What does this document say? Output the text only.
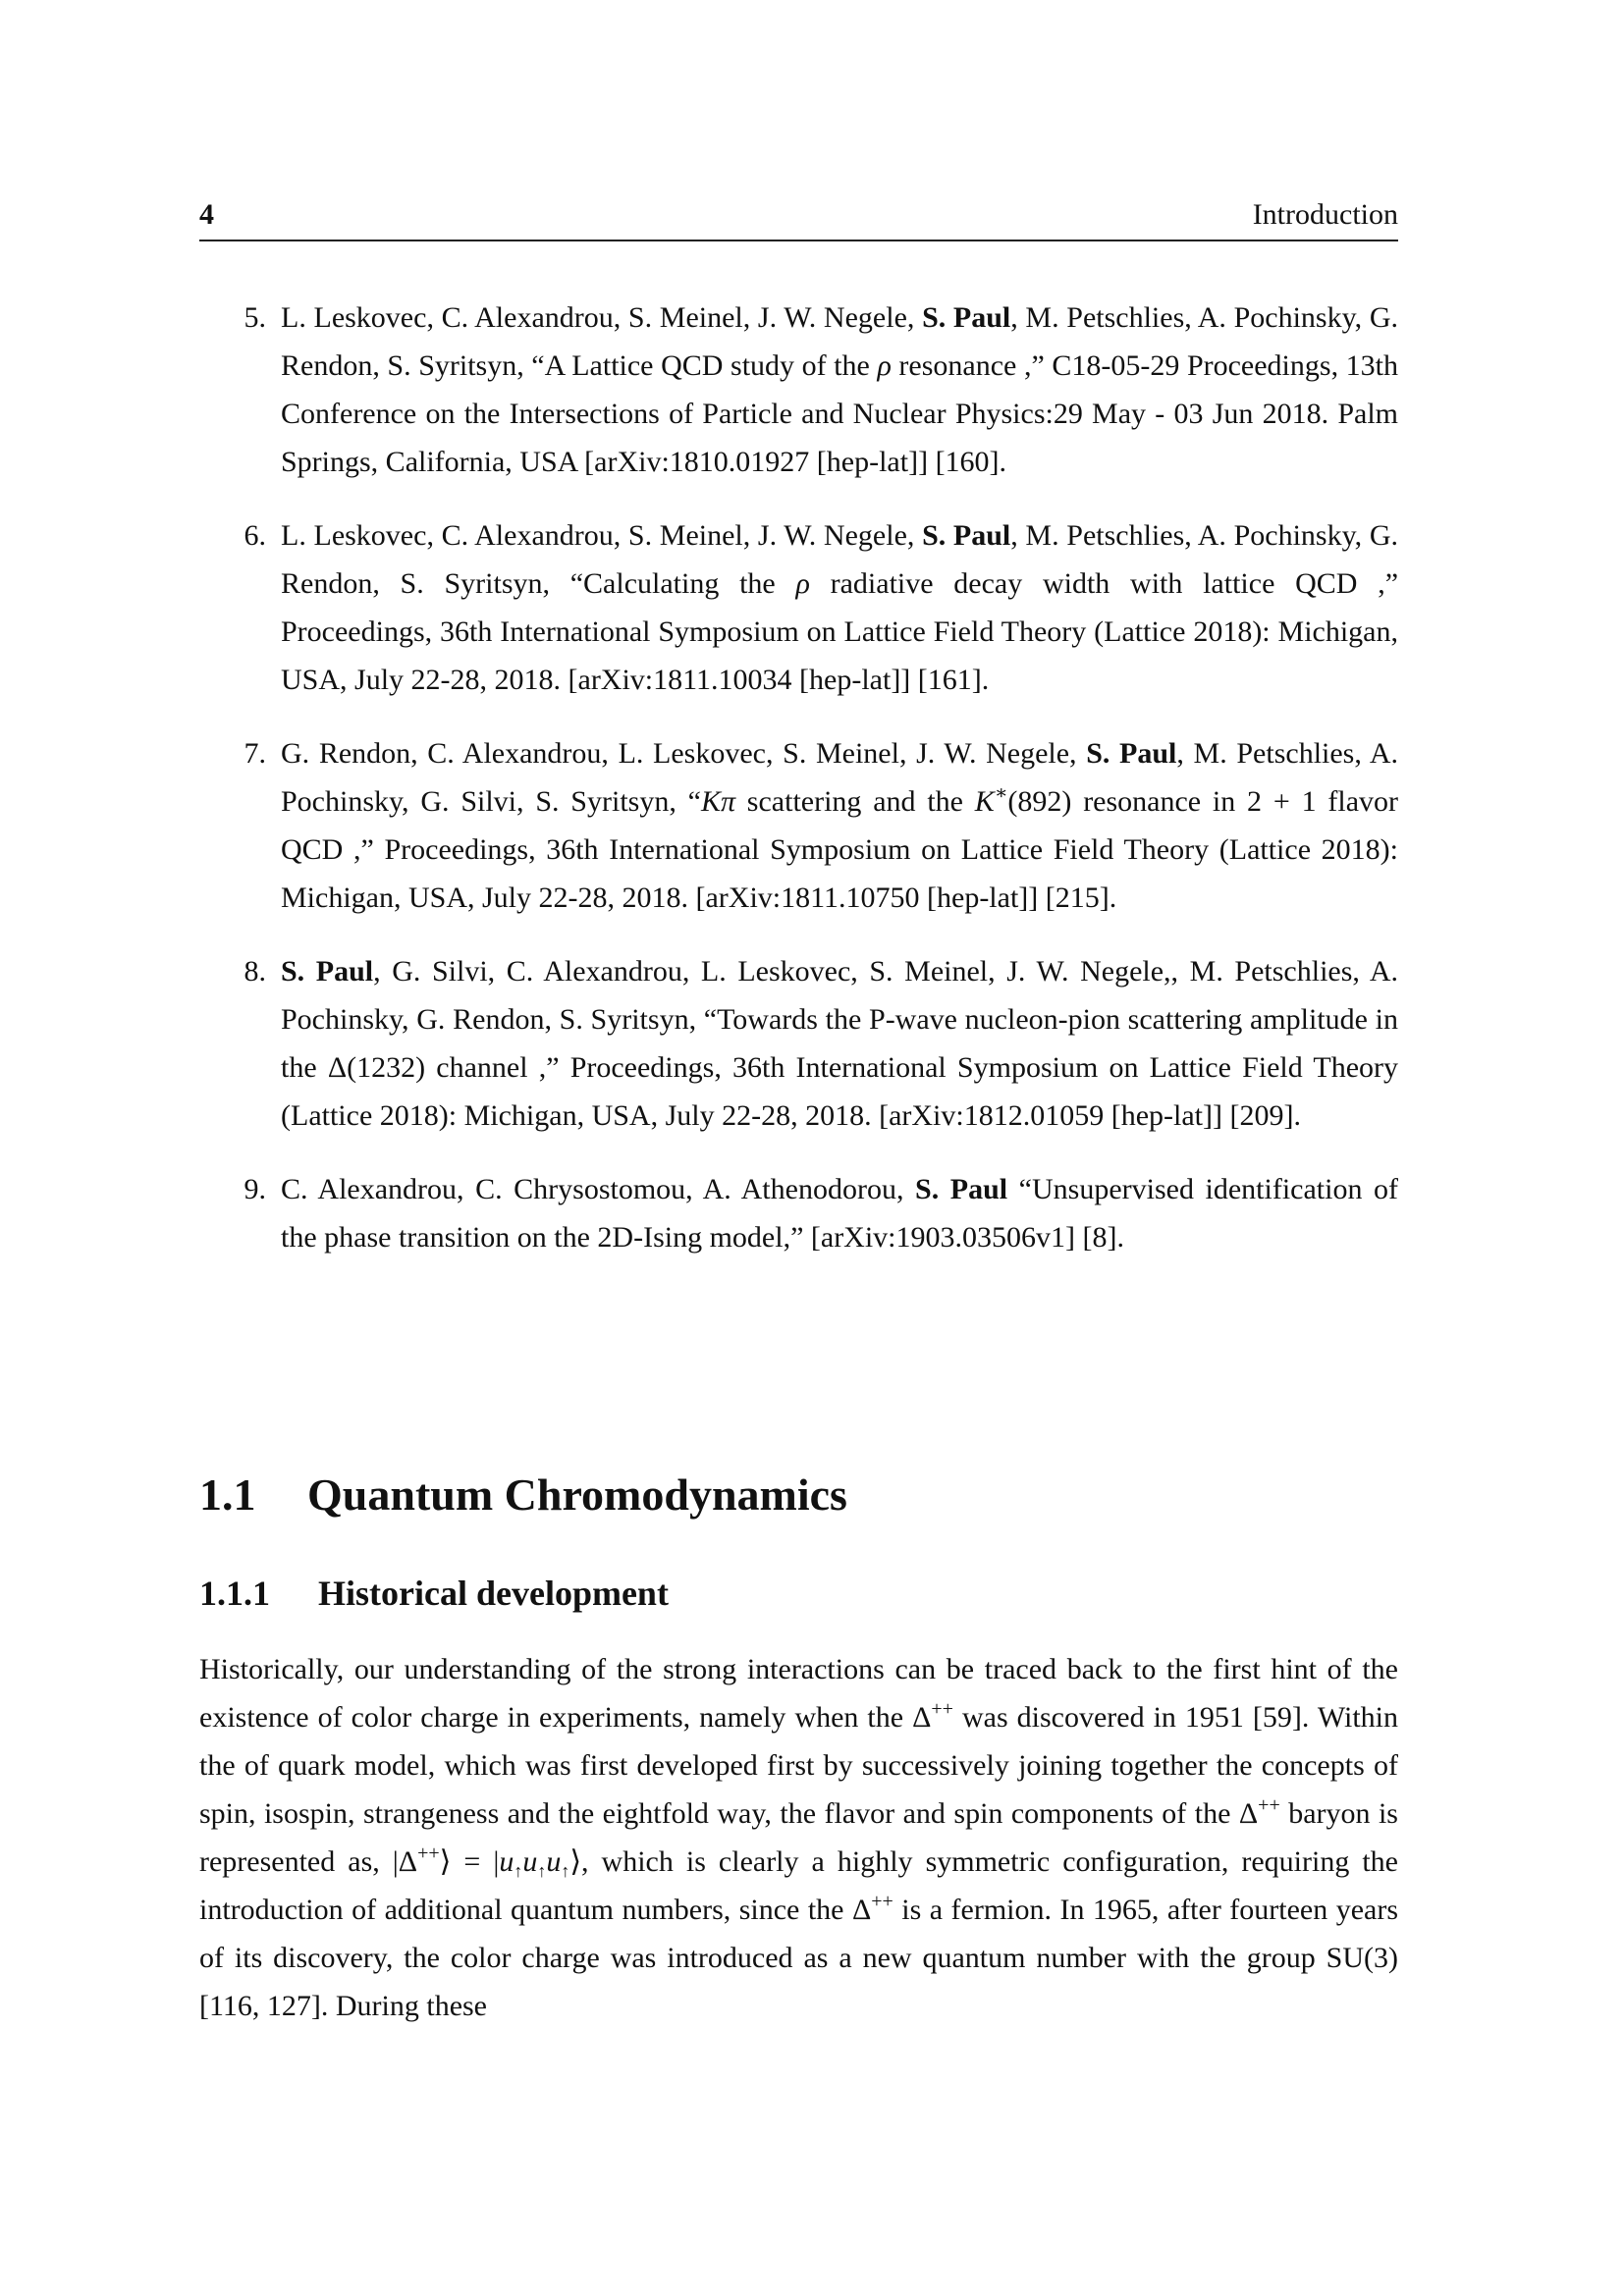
4	Introduction
5. L. Leskovec, C. Alexandrou, S. Meinel, J. W. Negele, S. Paul, M. Petschlies, A. Pochinsky, G. Rendon, S. Syritsyn, “A Lattice QCD study of the ρ resonance ,” C18-05-29 Proceedings, 13th Conference on the Intersections of Particle and Nuclear Physics:29 May - 03 Jun 2018. Palm Springs, California, USA [arXiv:1810.01927 [hep-lat]] [160].
6. L. Leskovec, C. Alexandrou, S. Meinel, J. W. Negele, S. Paul, M. Petschlies, A. Pochinsky, G. Rendon, S. Syritsyn, “Calculating the ρ radiative decay width with lattice QCD ,” Proceedings, 36th International Symposium on Lattice Field Theory (Lattice 2018): Michigan, USA, July 22-28, 2018. [arXiv:1811.10034 [hep-lat]] [161].
7. G. Rendon, C. Alexandrou, L. Leskovec, S. Meinel, J. W. Negele, S. Paul, M. Petschlies, A. Pochinsky, G. Silvi, S. Syritsyn, “Kπ scattering and the K∗(892) resonance in 2 + 1 flavor QCD ,” Proceedings, 36th International Symposium on Lattice Field Theory (Lattice 2018): Michigan, USA, July 22-28, 2018. [arXiv:1811.10750 [hep-lat]] [215].
8. S. Paul, G. Silvi, C. Alexandrou, L. Leskovec, S. Meinel, J. W. Negele,, M. Petschlies, A. Pochinsky, G. Rendon, S. Syritsyn, “Towards the P-wave nucleon-pion scattering amplitude in the Δ(1232) channel ,” Proceedings, 36th International Symposium on Lattice Field Theory (Lattice 2018): Michigan, USA, July 22-28, 2018. [arXiv:1812.01059 [hep-lat]] [209].
9. C. Alexandrou, C. Chrysostomou, A. Athenodorou, S. Paul “Unsupervised identification of the phase transition on the 2D-Ising model,” [arXiv:1903.03506v1] [8].
1.1 Quantum Chromodynamics
1.1.1 Historical development
Historically, our understanding of the strong interactions can be traced back to the first hint of the existence of color charge in experiments, namely when the Δ++ was discovered in 1951 [59]. Within the of quark model, which was first developed first by successively joining together the concepts of spin, isospin, strangeness and the eightfold way, the flavor and spin components of the Δ++ baryon is represented as, |Δ++⟩ = $|u_↑u_↑u_↑⟩$, which is clearly a highly symmetric configuration, requiring the introduction of additional quantum numbers, since the Δ++ is a fermion. In 1965, after fourteen years of its discovery, the color charge was introduced as a new quantum number with the group SU(3) [116, 127]. During these
